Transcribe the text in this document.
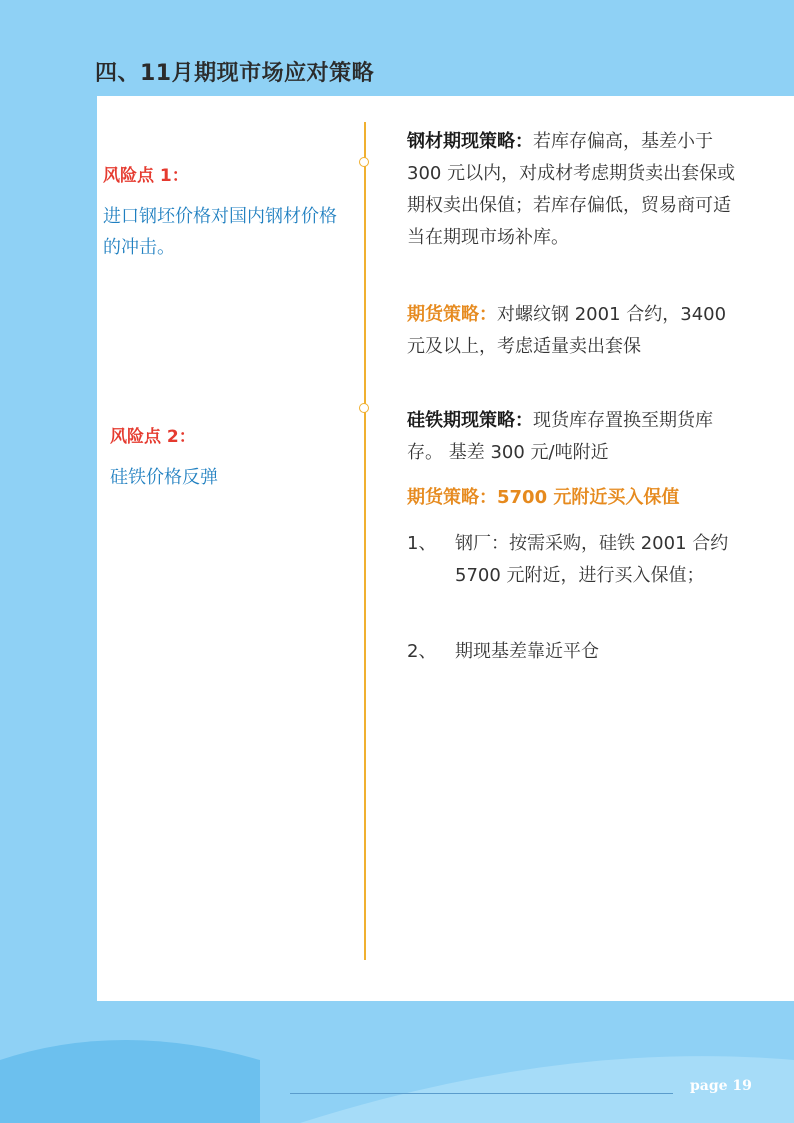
四、11月期现市场应对策略
风险点 1：
进口钢坯价格对国内钢材价格的冲击。
风险点 2：
硅铁价格反弹
钢材期现策略：若库存偏高，基差小于 300 元以内，对成材考虑期货卖出套保或期权卖出保值；若库存偏低，贸易商可适当在期现市场补库。
期货策略：对螺纹钢 2001 合约，3400 元及以上，考虑适量卖出套保
硅铁期现策略：现货库存置换至期货库存。 基差 300 元/吨附近
期货策略：5700 元附近买入保值
1、 钢厂：按需采购，硅铁 2001 合约 5700 元附近，进行买入保值；
2、 期现基差靠近平仓
page 19
